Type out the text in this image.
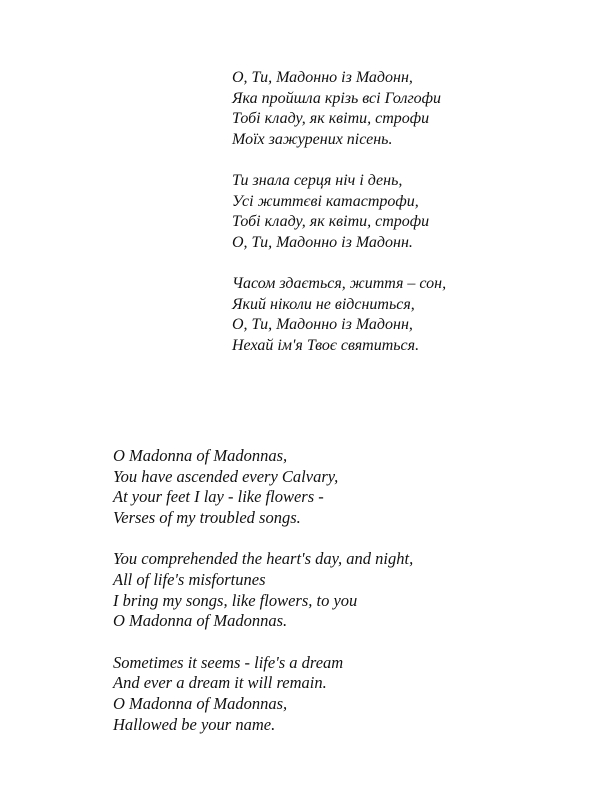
О, Ти, Мадонно із Мадонн,
Яка пройшла крізь всі Голгофи
Тобі кладу, як квіти, строфи
Моїх зажурених пісень.
Ти знала серця ніч і день,
Усі життєві катастрофи,
Тобі кладу, як квіти, строфи
О, Ти, Мадонно із Мадонн.
Часом здається, життя – сон,
Який ніколи не відсниться,
О, Ти, Мадонно із Мадонн,
Нехай ім'я Твоє святиться.
O Madonna of Madonnas,
You have ascended every Calvary,
At your feet I lay - like flowers -
Verses of my troubled songs.
You comprehended the heart's day, and night,
All of life's misfortunes
I bring my songs, like flowers, to you
O Madonna of Madonnas.
Sometimes it seems - life's a dream
And ever a dream it will remain.
O Madonna of Madonnas,
Hallowed be your name.
